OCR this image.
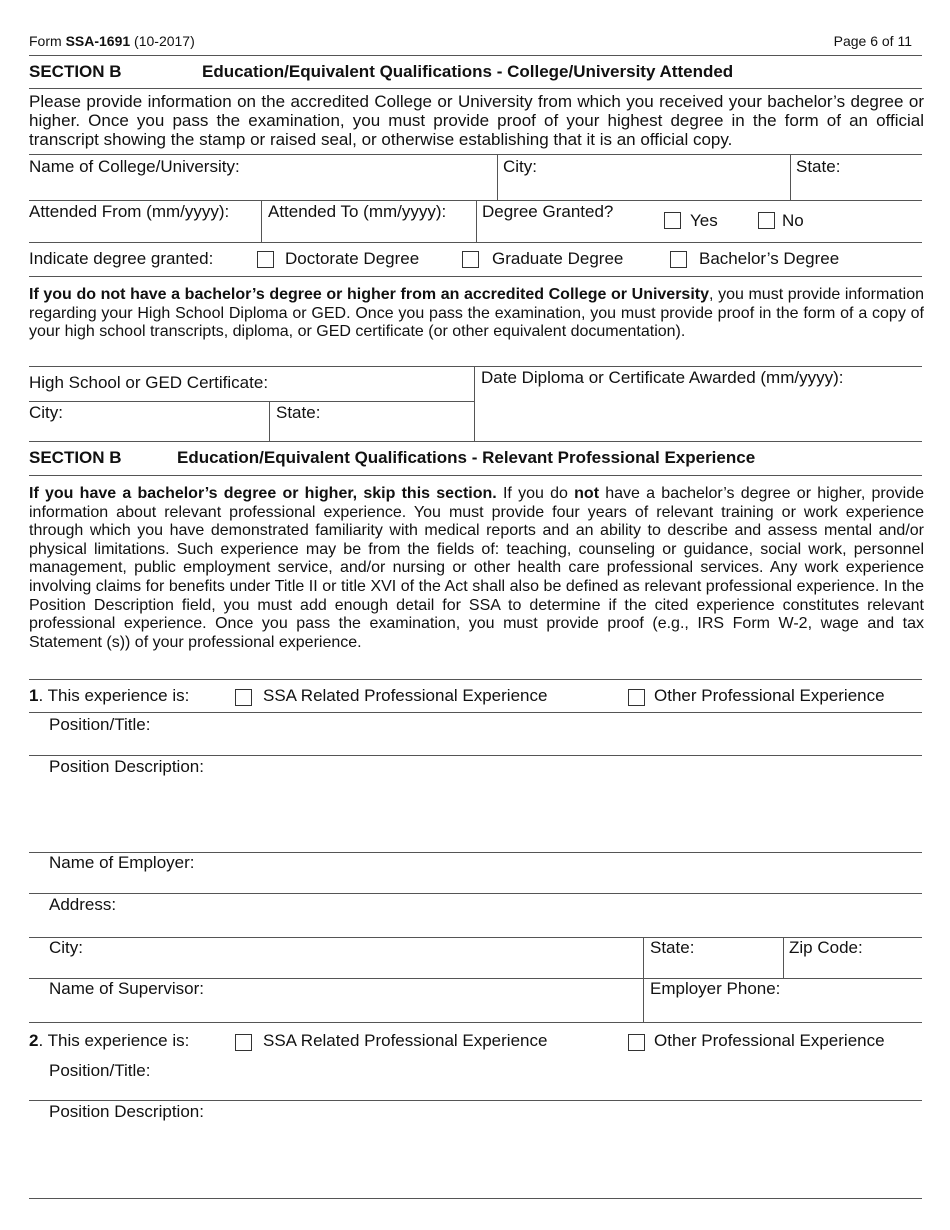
Form SSA-1691 (10-2017)	Page 6 of 11
SECTION B	Education/Equivalent Qualifications - College/University Attended
Please provide information on the accredited College or University from which you received your bachelor’s degree or higher. Once you pass the examination, you must provide proof of your highest degree in the form of an official transcript showing the stamp or raised seal, or otherwise establishing that it is an official copy.
Name of College/University:	City:	State:
Attended From (mm/yyyy): Attended To (mm/yyyy): Degree Granted?	Yes	No
Indicate degree granted:	Doctorate Degree	Graduate Degree	Bachelor’s Degree

If you do not have a bachelor’s degree or higher from an accredited College or University, you must provide information regarding your High School Diploma or GED. Once you pass the examination, you must provide proof in the form of a copy of your high school transcripts, diploma, or GED certificate (or other equivalent documentation).

High School or GED Certificate:	Date Diploma or Certificate Awarded (mm/yyyy):
City:	State:
SECTION B	Education/Equivalent Qualifications - Relevant Professional Experience

If you have a bachelor’s degree or higher, skip this section. If you do not have a bachelor’s degree or higher, provide information about relevant professional experience. You must provide four years of relevant training or work experience through which you have demonstrated familiarity with medical reports and an ability to describe and assess mental and/or physical limitations. Such experience may be from the fields of: teaching, counseling or guidance, social work, personnel management, public employment service, and/or nursing or other health care professional services. Any work experience involving claims for benefits under Title II or title XVI of the Act shall also be defined as relevant professional experience. In the Position Description field, you must add enough detail for SSA to determine if the cited experience constitutes relevant professional experience. Once you pass the examination, you must provide proof (e.g., IRS Form W-2, wage and tax Statement (s)) of your professional experience.

1. This experience is:	SSA Related Professional Experience	Other Professional Experience
Position/Title:
Position Description:
Name of Employer:
Address:
City:	State:	Zip Code:
Name of Supervisor:	Employer Phone:
2. This experience is:	SSA Related Professional Experience	Other Professional Experience
Position/Title:
Position Description:
